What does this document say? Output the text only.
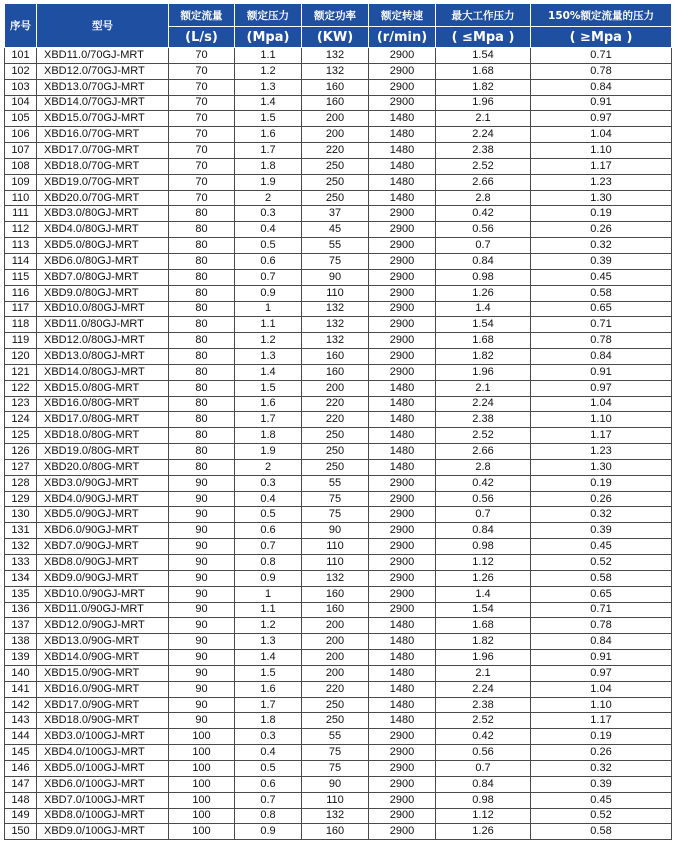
序号	型号	额定流量	额定压力	额定功率	额定转速	最大工作压力	150%额定流量的压力
		(L/s)	(Mpa)	(KW)	(r/min)	( ≤Mpa )	( ≥Mpa )
101	XBD11.0/70GJ-MRT	70	1.1	132	2900	1.54	0.71
102	XBD12.0/70GJ-MRT	70	1.2	132	2900	1.68	0.78
103	XBD13.0/70GJ-MRT	70	1.3	160	2900	1.82	0.84
104	XBD14.0/70GJ-MRT	70	1.4	160	2900	1.96	0.91
105	XBD15.0/70GJ-MRT	70	1.5	200	1480	2.1	0.97
106	XBD16.0/70G-MRT	70	1.6	200	1480	2.24	1.04
107	XBD17.0/70G-MRT	70	1.7	220	1480	2.38	1.10
108	XBD18.0/70G-MRT	70	1.8	250	1480	2.52	1.17
109	XBD19.0/70G-MRT	70	1.9	250	1480	2.66	1.23
110	XBD20.0/70G-MRT	70	2	250	1480	2.8	1.30
111	XBD3.0/80GJ-MRT	80	0.3	37	2900	0.42	0.19
112	XBD4.0/80GJ-MRT	80	0.4	45	2900	0.56	0.26
113	XBD5.0/80GJ-MRT	80	0.5	55	2900	0.7	0.32
114	XBD6.0/80GJ-MRT	80	0.6	75	2900	0.84	0.39
115	XBD7.0/80GJ-MRT	80	0.7	90	2900	0.98	0.45
116	XBD9.0/80GJ-MRT	80	0.9	110	2900	1.26	0.58
117	XBD10.0/80GJ-MRT	80	1	132	2900	1.4	0.65
118	XBD11.0/80GJ-MRT	80	1.1	132	2900	1.54	0.71
119	XBD12.0/80GJ-MRT	80	1.2	132	2900	1.68	0.78
120	XBD13.0/80GJ-MRT	80	1.3	160	2900	1.82	0.84
121	XBD14.0/80GJ-MRT	80	1.4	160	2900	1.96	0.91
122	XBD15.0/80G-MRT	80	1.5	200	1480	2.1	0.97
123	XBD16.0/80G-MRT	80	1.6	220	1480	2.24	1.04
124	XBD17.0/80G-MRT	80	1.7	220	1480	2.38	1.10
125	XBD18.0/80G-MRT	80	1.8	250	1480	2.52	1.17
126	XBD19.0/80G-MRT	80	1.9	250	1480	2.66	1.23
127	XBD20.0/80G-MRT	80	2	250	1480	2.8	1.30
128	XBD3.0/90GJ-MRT	90	0.3	55	2900	0.42	0.19
129	XBD4.0/90GJ-MRT	90	0.4	75	2900	0.56	0.26
130	XBD5.0/90GJ-MRT	90	0.5	75	2900	0.7	0.32
131	XBD6.0/90GJ-MRT	90	0.6	90	2900	0.84	0.39
132	XBD7.0/90GJ-MRT	90	0.7	110	2900	0.98	0.45
133	XBD8.0/90GJ-MRT	90	0.8	110	2900	1.12	0.52
134	XBD9.0/90GJ-MRT	90	0.9	132	2900	1.26	0.58
135	XBD10.0/90GJ-MRT	90	1	160	2900	1.4	0.65
136	XBD11.0/90GJ-MRT	90	1.1	160	2900	1.54	0.71
137	XBD12.0/90GJ-MRT	90	1.2	200	1480	1.68	0.78
138	XBD13.0/90G-MRT	90	1.3	200	1480	1.82	0.84
139	XBD14.0/90G-MRT	90	1.4	200	1480	1.96	0.91
140	XBD15.0/90G-MRT	90	1.5	200	1480	2.1	0.97
141	XBD16.0/90G-MRT	90	1.6	220	1480	2.24	1.04
142	XBD17.0/90G-MRT	90	1.7	250	1480	2.38	1.10
143	XBD18.0/90G-MRT	90	1.8	250	1480	2.52	1.17
144	XBD3.0/100GJ-MRT	100	0.3	55	2900	0.42	0.19
145	XBD4.0/100GJ-MRT	100	0.4	75	2900	0.56	0.26
146	XBD5.0/100GJ-MRT	100	0.5	75	2900	0.7	0.32
147	XBD6.0/100GJ-MRT	100	0.6	90	2900	0.84	0.39
148	XBD7.0/100GJ-MRT	100	0.7	110	2900	0.98	0.45
149	XBD8.0/100GJ-MRT	100	0.8	132	2900	1.12	0.52
150	XBD9.0/100GJ-MRT	100	0.9	160	2900	1.26	0.58
